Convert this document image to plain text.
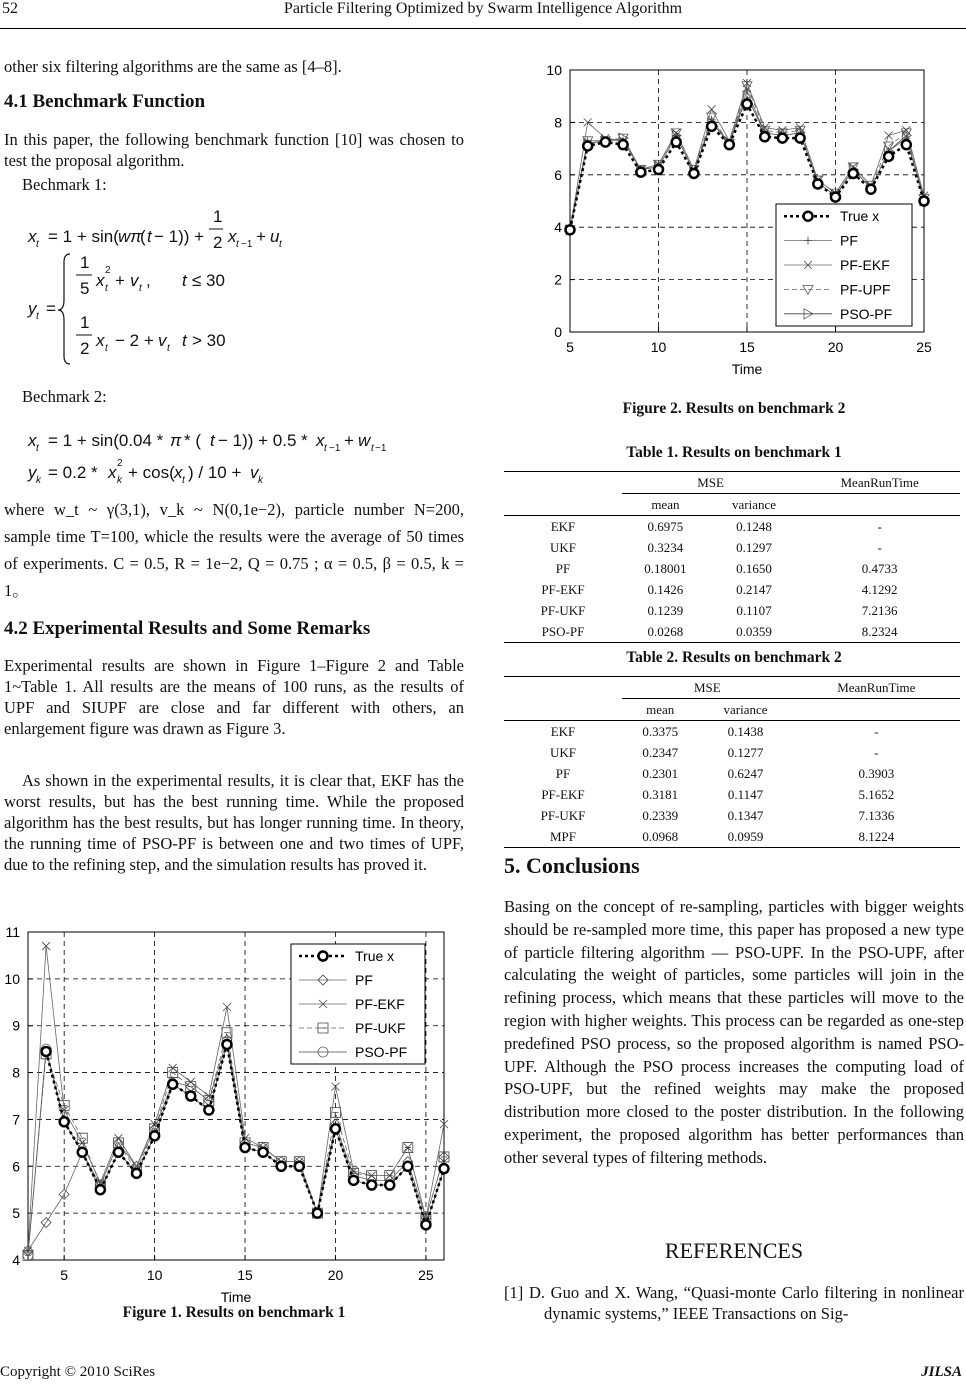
52	Particle Filtering Optimized by Swarm Intelligence Algorithm

other six filtering algorithms are the same as [4–8].

4.1 Benchmark Function

In this paper, the following benchmark function [10] was chosen to test the proposal algorithm.

Bechmark 1:
x t = 1 + sin( wπ
( t − 1)) +
1
2 x t −1 + u t
y t =
1
5 x
2
t + v t , t ≤ 30
1
2 x t − 2 + v t t > 30
Bechmark 2:
x t = 1 + sin(0.04 * π * ( t − 1)) + 0.5 * x t −1 + w t −1
y k = 0.2 * x 2
k + cos( x t ) / 10 + v k

where w_t ~ γ(3,1), v_k ~ N(0,1e−2), particle number N=200, sample time T=100, whicle the results were the average of 50 times of experiments. C = 0.5, R = 1e−2, Q = 0.75 ; α = 0.5, β = 0.5, k = 1。

4.2 Experimental Results and Some Remarks

Experimental results are shown in Figure 1–Figure 2 and Table 1~Table 1. All results are the means of 100 runs, as the results of UPF and SIUPF are close and far different with others, an enlargement figure was drawn as Figure 3.

As shown in the experimental results, it is clear that, EKF has the worst results, but has the best running time. While the proposed algorithm has the best results, but has longer running time. In theory, the running time of PSO-PF is between one and two times of UPF, due to the refining step, and the simulation results has proved it.

5	10	15	20	25
4
5
6
7
8
9
10
11
Time
True x
PF
PF-EKF
PF-UKF
PSO-PF
Figure 1. Results on benchmark 1
5	10	15	20	25
0
2
4
6
8
10
Time
True x
PF
PF-EKF
PF-UPF
PSO-PF
Figure 2. Results on benchmark 2
Table 1. Results on benchmark 1
	MSE		MeanRunTime
	mean	variance	
EKF	0.6975	0.1248	-
UKF	0.3234	0.1297	-
PF	0.18001	0.1650	0.4733
PF-EKF	0.1426	0.2147	4.1292
PF-UKF	0.1239	0.1107	7.2136
PSO-PF	0.0268	0.0359	8.2324
Table 2. Results on benchmark 2
	MSE		MeanRunTime
	mean	variance	
EKF	0.3375	0.1438	-
UKF	0.2347	0.1277	-
PF	0.2301	0.6247	0.3903
PF-EKF	0.3181	0.1147	5.1652
PF-UKF	0.2339	0.1347	7.1336
MPF	0.0968	0.0959	8.1224
5. Conclusions

Basing on the concept of re-sampling, particles with bigger weights should be re-sampled more time, this paper has proposed a new type of particle filtering algorithm — PSO-UPF. In the PSO-UPF, after calculating the weight of particles, some particles will join in the refining process, which means that these particles will move to the region with higher weights. This process can be regarded as one-step predefined PSO process, so the proposed algorithm is named PSO-UPF. Although the PSO process increases the computing load of PSO-UPF, but the refined weights may make the proposed distribution more closed to the poster distribution. In the following experiment, the proposed algorithm has better performances than other several types of filtering methods.

REFERENCES

[1] D. Guo and X. Wang, “Quasi-monte Carlo filtering in nonlinear dynamic systems,” IEEE Transactions on Sig-

Copyright © 2010 SciRes	JILSA
